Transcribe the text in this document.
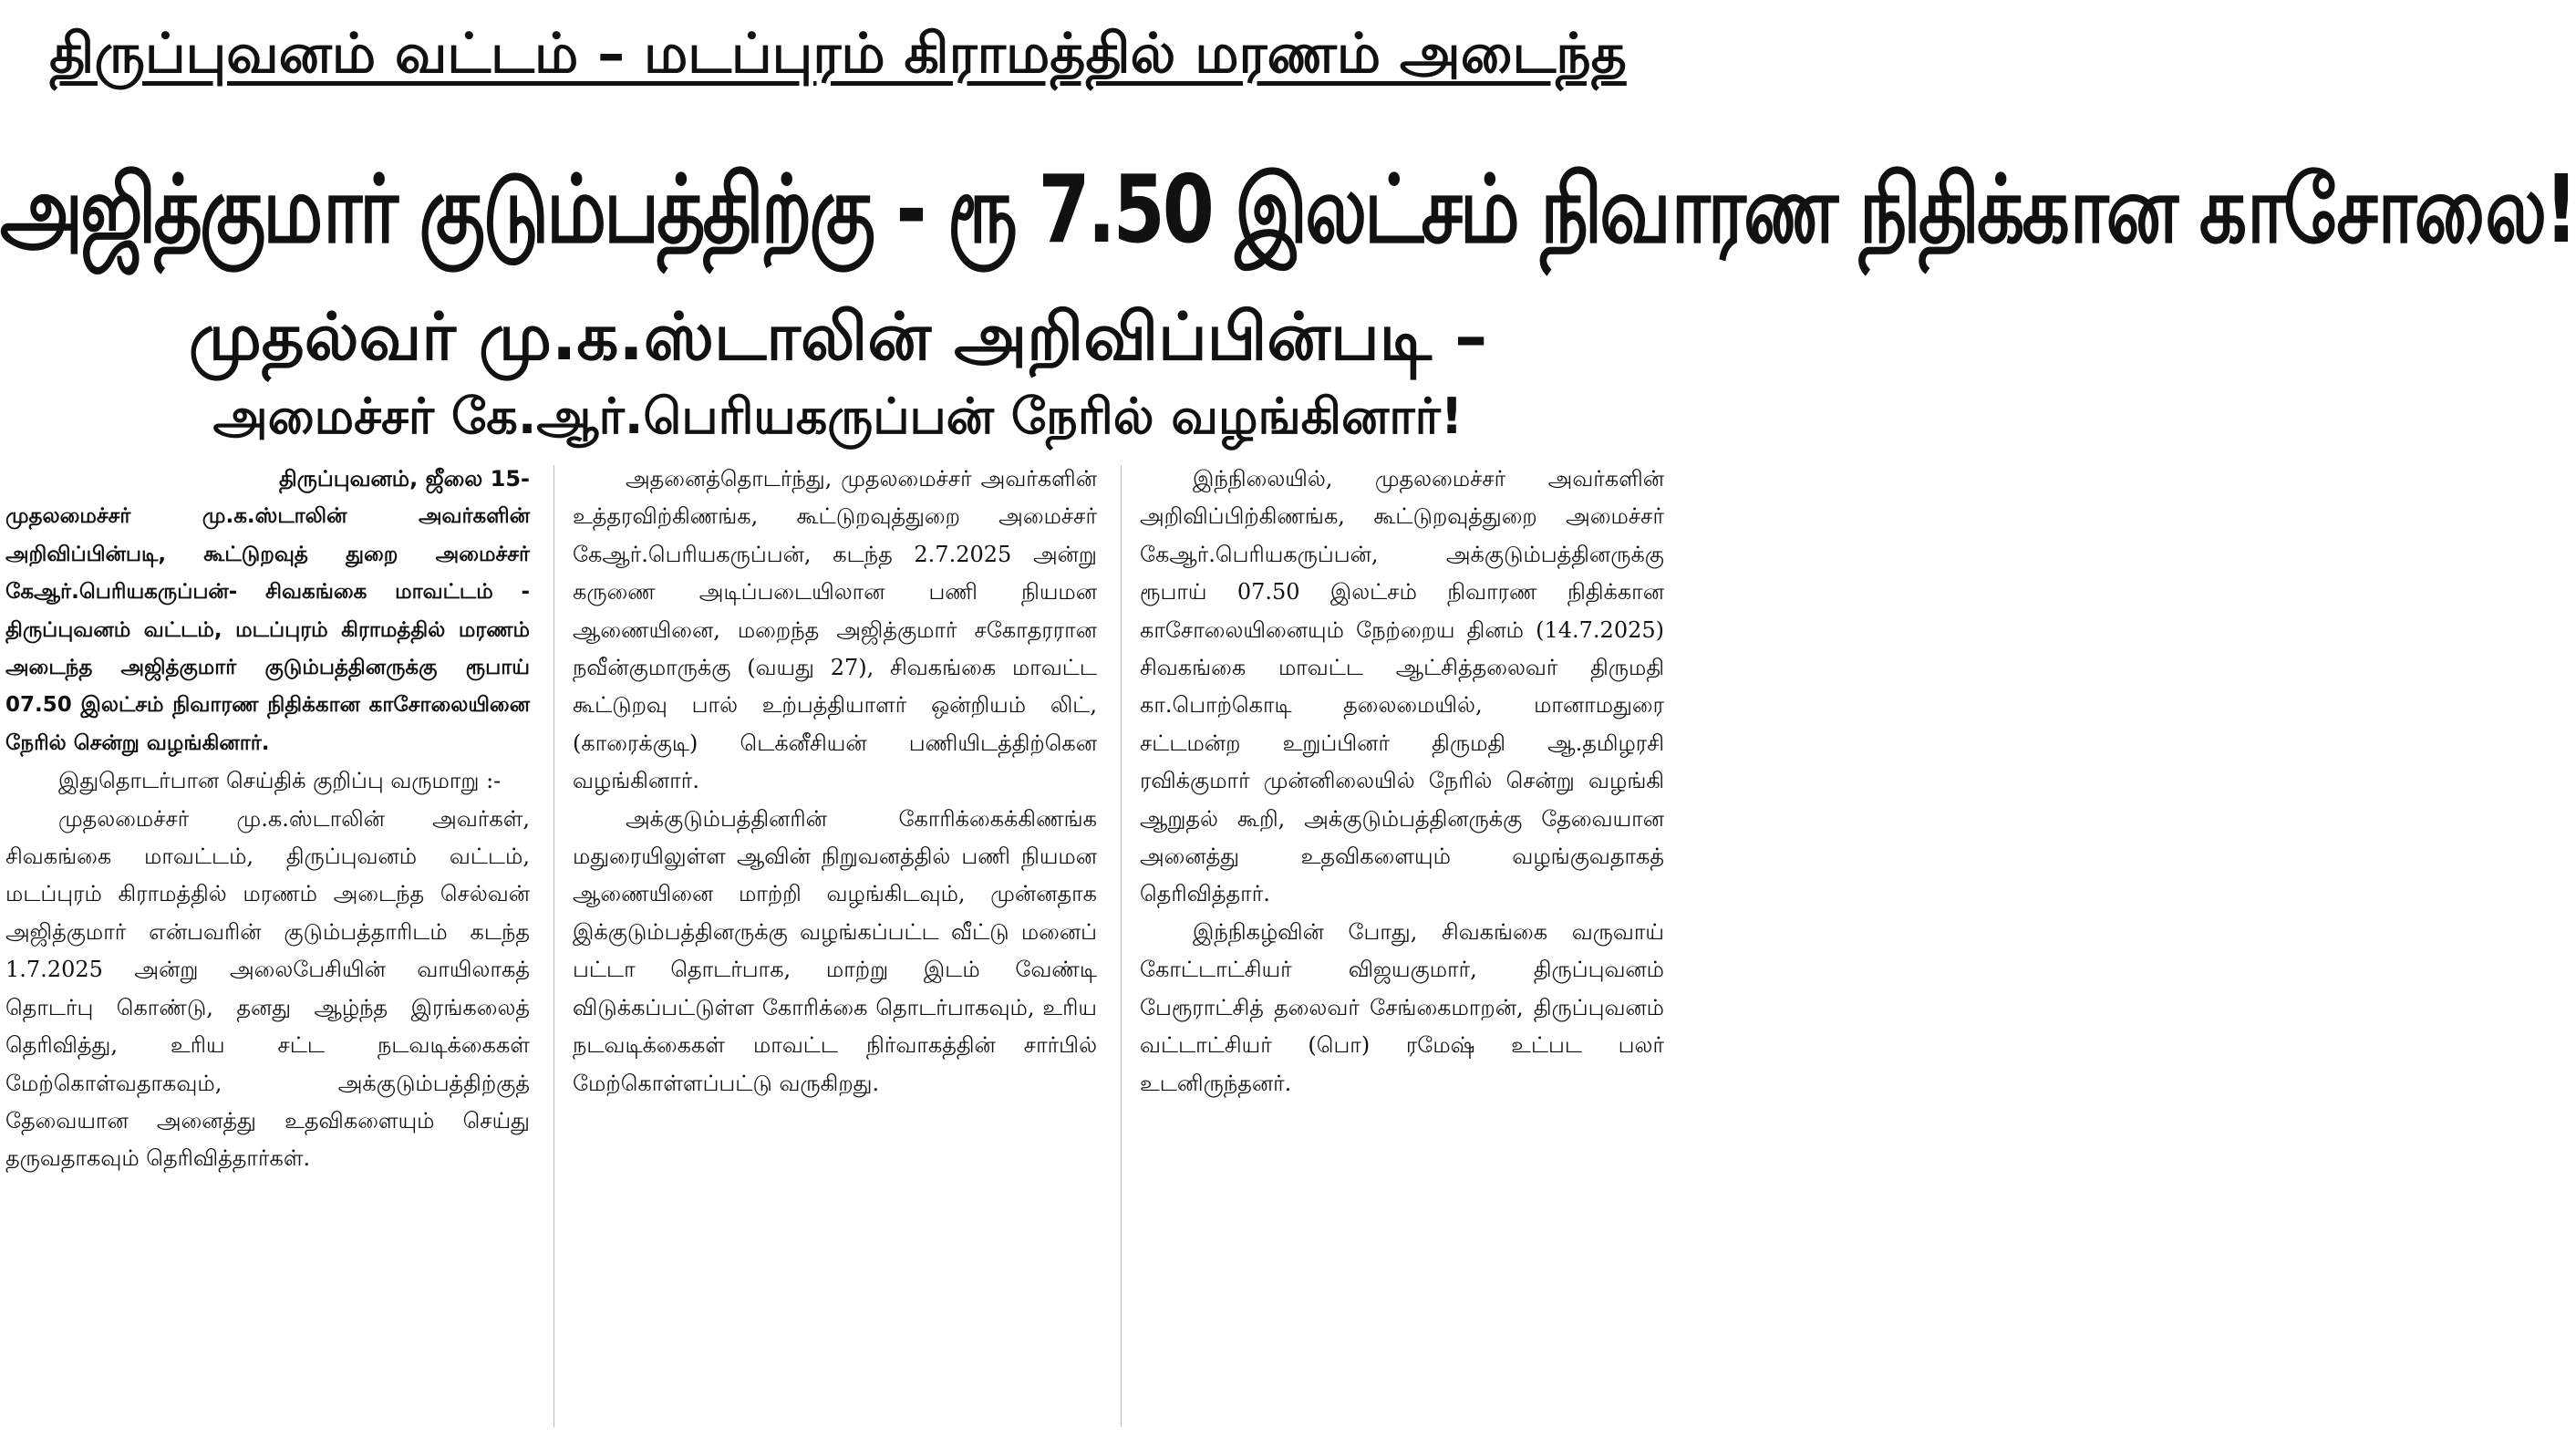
திருப்புவனம் வட்டம் – மடப்புரம் கிராமத்தில் மரணம் அடைந்த
அஜித்குமார் குடும்பத்திற்கு - ரூ 7.50 இலட்சம் நிவாரண நிதிக்கான காசோலை!
முதல்வர் மு.க.ஸ்டாலின் அறிவிப்பின்படி –
அமைச்சர் கே.ஆர்.பெரியகருப்பன் நேரில் வழங்கினார்!

திருப்புவனம், ஜீலை 15-

முதலமைச்சர் மு.க.ஸ்டாலின் அவர்களின் அறிவிப்பின்படி, கூட்டுறவுத் துறை அமைச்சர் கேஆர்.பெரியகருப்பன்- சிவகங்கை மாவட்டம் - திருப்புவனம் வட்டம், மடப்புரம் கிராமத்தில் மரணம் அடைந்த அஜித்குமார் குடும்பத்தினருக்கு ரூபாய் 07.50 இலட்சம் நிவாரண நிதிக்கான காசோலையினை நேரில் சென்று வழங்கினார்.

இதுதொடர்பான செய்திக் குறிப்பு வருமாறு :-

முதலமைச்சர் மு.க.ஸ்டாலின் அவர்கள், சிவகங்கை மாவட்டம், திருப்புவனம் வட்டம், மடப்புரம் கிராமத்தில் மரணம் அடைந்த செல்வன் அஜித்குமார் என்பவரின் குடும்பத்தாரிடம் கடந்த 1.7.2025 அன்று அலைபேசியின் வாயிலாகத் தொடர்பு கொண்டு, தனது ஆழ்ந்த இரங்கலைத் தெரிவித்து, உரிய சட்ட நடவடிக்கைகள் மேற்கொள்வதாகவும், அக்குடும்பத்திற்குத் தேவையான அனைத்து உதவிகளையும் செய்து தருவதாகவும் தெரிவித்தார்கள்.

அதனைத்தொடர்ந்து, முதலமைச்சர் அவர்களின் உத்தரவிற்கிணங்க, கூட்டுறவுத்துறை அமைச்சர் கேஆர்.பெரியகருப்பன், கடந்த 2.7.2025 அன்று கருணை அடிப்படையிலான பணி நியமன ஆணையினை, மறைந்த அஜித்குமார் சகோதரரான நவீன்குமாருக்கு (வயது 27), சிவகங்கை மாவட்ட கூட்டுறவு பால் உற்பத்தியாளர் ஒன்றியம் லிட், (காரைக்குடி) டெக்னீசியன் பணியிடத்திற்கென வழங்கினார்.

அக்குடும்பத்தினரின் கோரிக்கைக்கிணங்க மதுரையிலுள்ள ஆவின் நிறுவனத்தில் பணி நியமன ஆணையினை மாற்றி வழங்கிடவும், முன்னதாக இக்குடும்பத்தினருக்கு வழங்கப்பட்ட வீட்டு மனைப் பட்டா தொடர்பாக, மாற்று இடம் வேண்டி விடுக்கப்பட்டுள்ள கோரிக்கை தொடர்பாகவும், உரிய நடவடிக்கைகள் மாவட்ட நிர்வாகத்தின் சார்பில் மேற்கொள்ளப்பட்டு வருகிறது.

இந்நிலையில், முதலமைச்சர் அவர்களின் அறிவிப்பிற்கிணங்க, கூட்டுறவுத்துறை அமைச்சர் கேஆர்.பெரியகருப்பன், அக்குடும்பத்தினருக்கு ரூபாய் 07.50 இலட்சம் நிவாரண நிதிக்கான காசோலையினையும் நேற்றைய தினம் (14.7.2025) சிவகங்கை மாவட்ட ஆட்சித்தலைவர் திருமதி கா.பொற்கொடி தலைமையில், மானாமதுரை சட்டமன்ற உறுப்பினர் திருமதி ஆ.தமிழரசி ரவிக்குமார் முன்னிலையில் நேரில் சென்று வழங்கி ஆறுதல் கூறி, அக்குடும்பத்தினருக்கு தேவையான அனைத்து உதவிகளையும் வழங்குவதாகத் தெரிவித்தார்.

இந்நிகழ்வின் போது, சிவகங்கை வருவாய் கோட்டாட்சியர் விஜயகுமார், திருப்புவனம் பேரூராட்சித் தலைவர் சேங்கைமாறன், திருப்புவனம் வட்டாட்சியர் (பொ) ரமேஷ் உட்பட பலர் உடனிருந்தனர்.
